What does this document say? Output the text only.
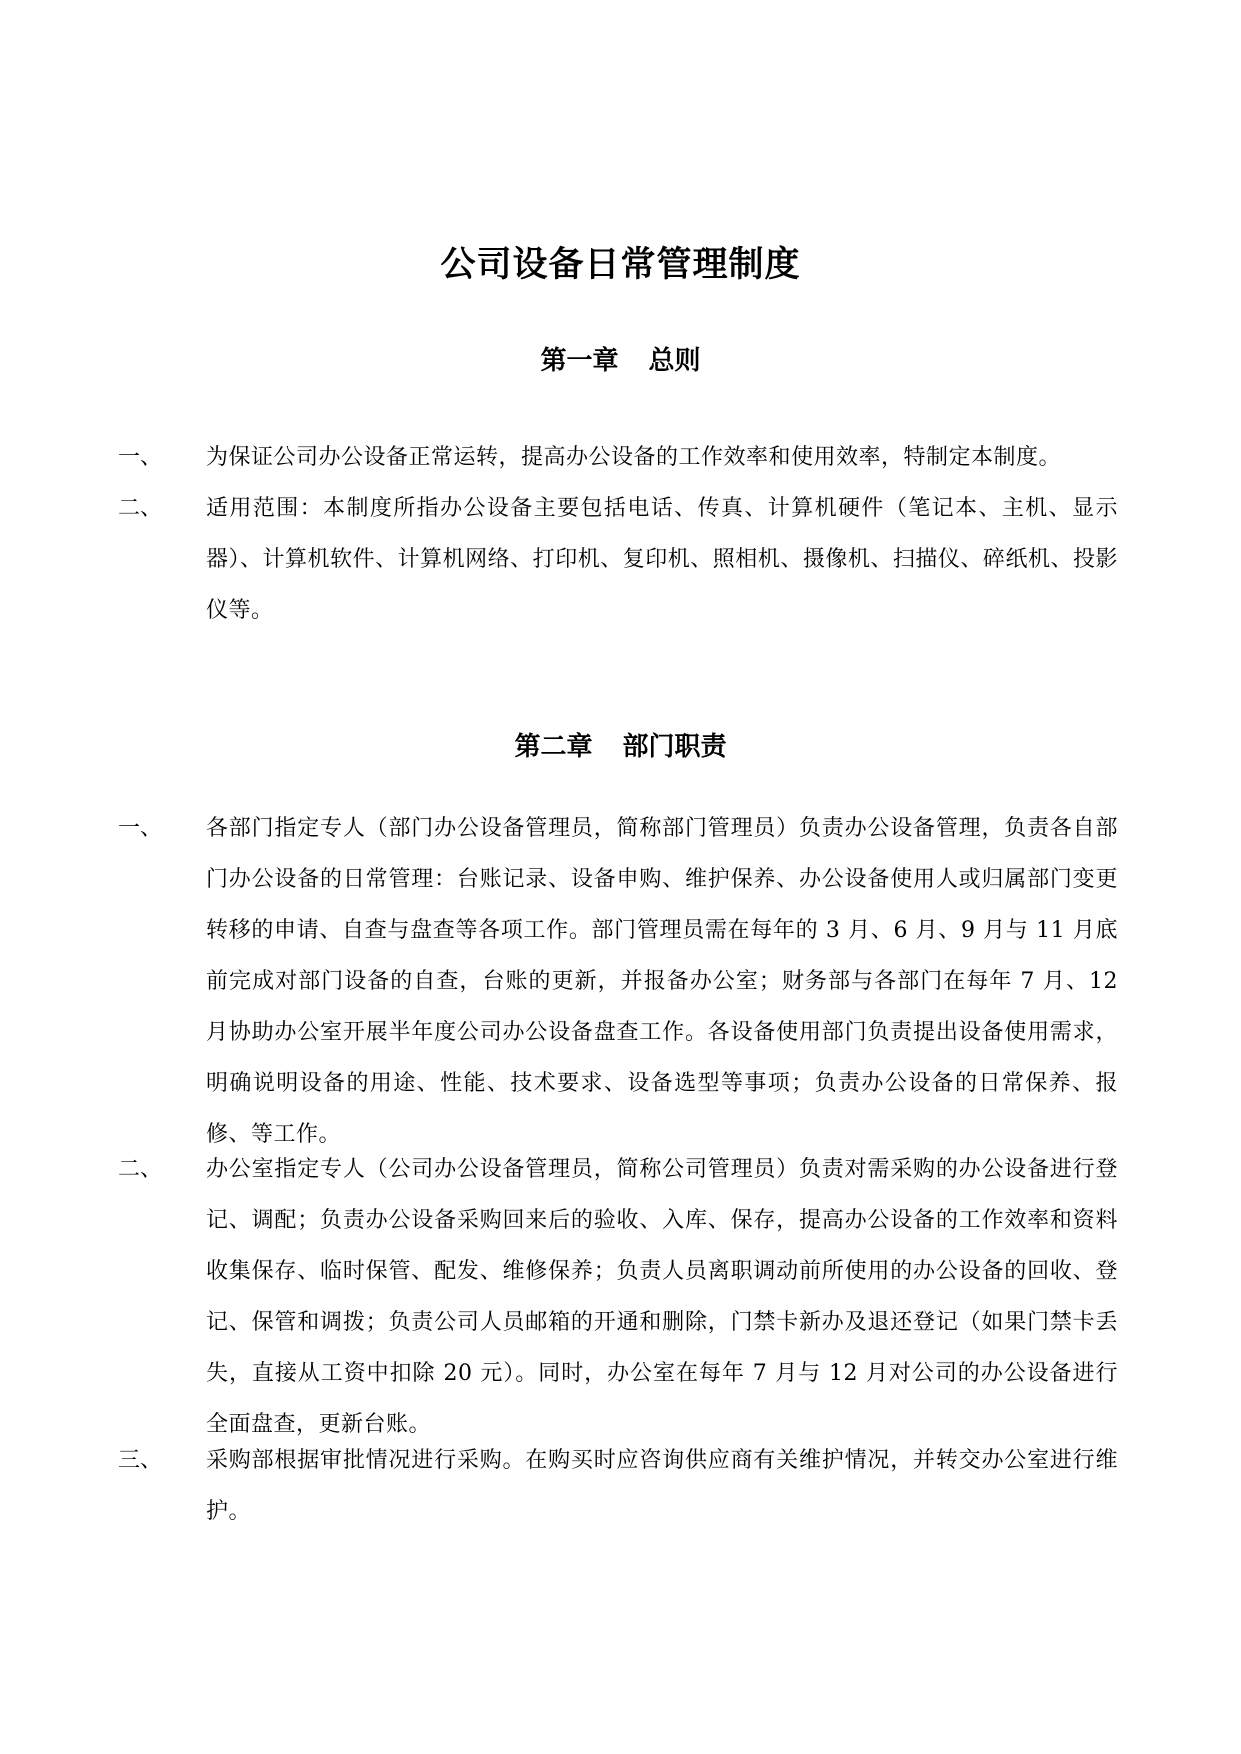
公司设备日常管理制度
第一章 总则
一、 为保证公司办公设备正常运转，提高办公设备的工作效率和使用效率，特制定本制度。
二、 适用范围：本制度所指办公设备主要包括电话、传真、计算机硬件（笔记本、主机、显示器）、计算机软件、计算机网络、打印机、复印机、照相机、摄像机、扫描仪、碎纸机、投影仪等。
第二章 部门职责
一、 各部门指定专人（部门办公设备管理员，简称部门管理员）负责办公设备管理，负责各自部门办公设备的日常管理：台账记录、设备申购、维护保养、办公设备使用人或归属部门变更转移的申请、自查与盘查等各项工作。部门管理员需在每年的 3 月、6 月、9 月与 11 月底前完成对部门设备的自查，台账的更新，并报备办公室；财务部与各部门在每年 7 月、12 月协助办公室开展半年度公司办公设备盘查工作。各设备使用部门负责提出设备使用需求，明确说明设备的用途、性能、技术要求、设备选型等事项；负责办公设备的日常保养、报修、等工作。
二、 办公室指定专人（公司办公设备管理员，简称公司管理员）负责对需采购的办公设备进行登记、调配；负责办公设备采购回来后的验收、入库、保存，提高办公设备的工作效率和资料收集保存、临时保管、配发、维修保养；负责人员离职调动前所使用的办公设备的回收、登记、保管和调拨；负责公司人员邮箱的开通和删除，门禁卡新办及退还登记（如果门禁卡丢失，直接从工资中扣除 20 元）。同时，办公室在每年 7 月与 12 月对公司的办公设备进行全面盘查，更新台账。
三、 采购部根据审批情况进行采购。在购买时应咨询供应商有关维护情况，并转交办公室进行维护。
